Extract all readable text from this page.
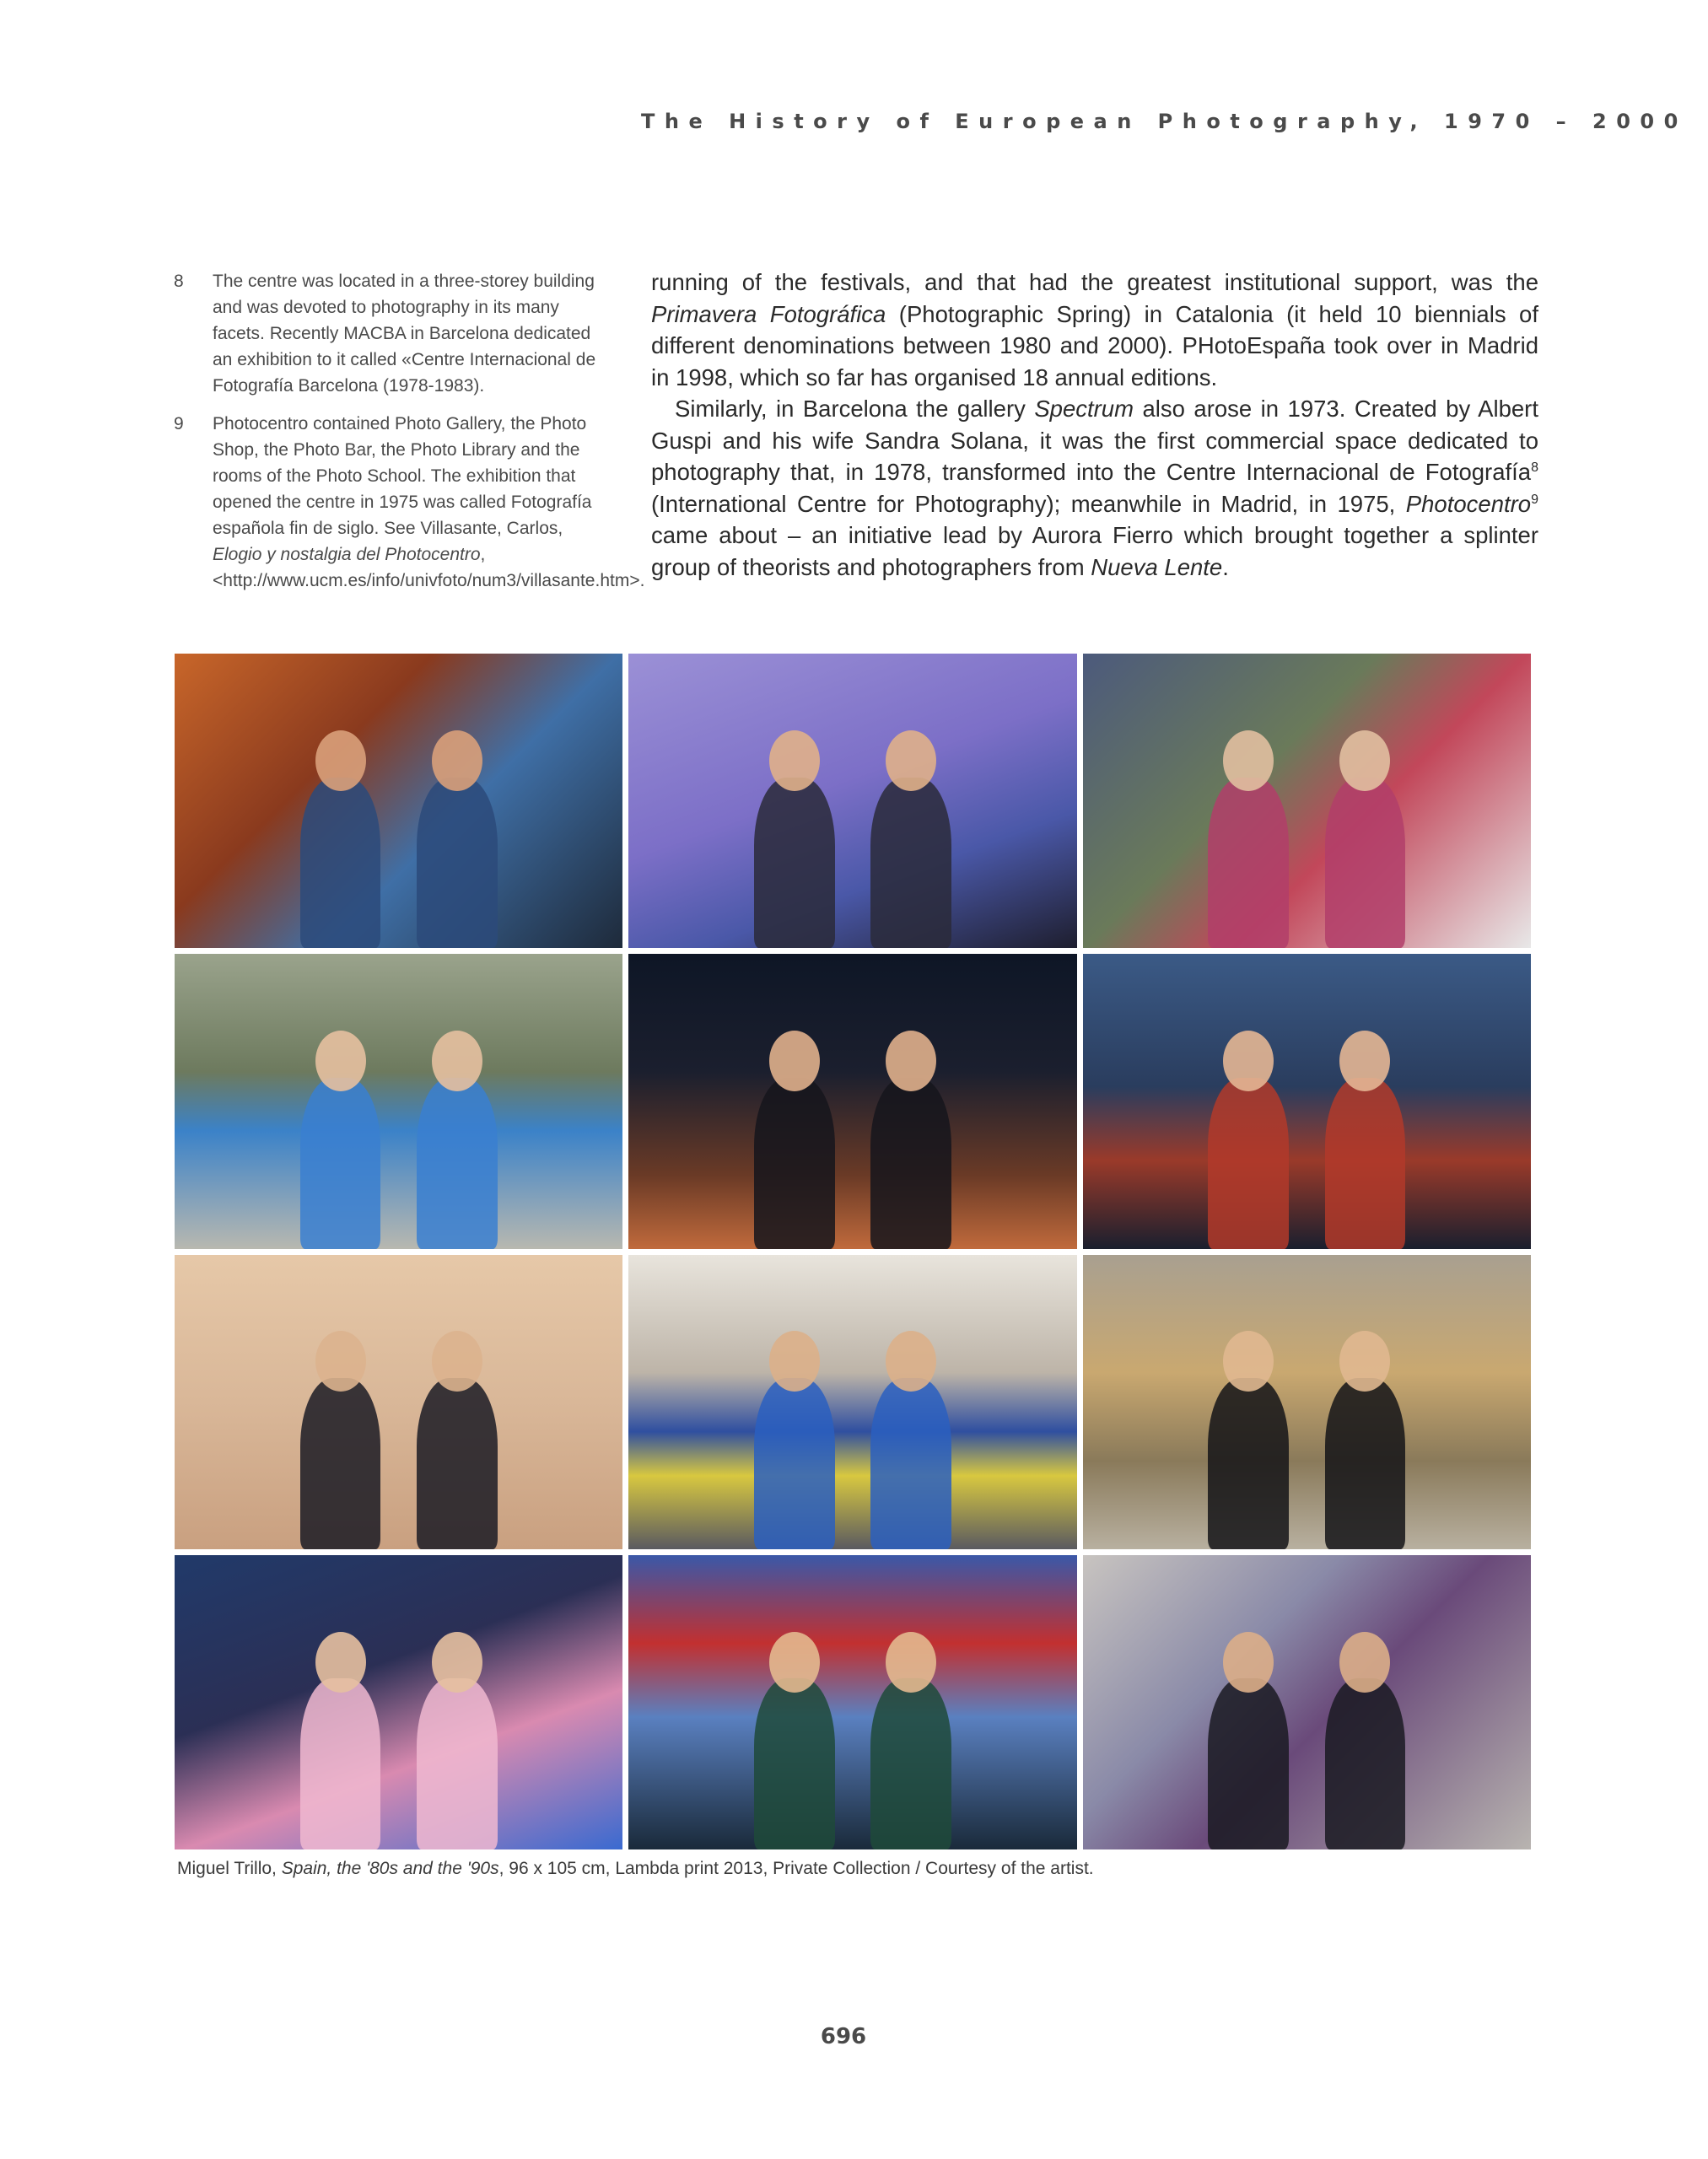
The History of European Photography, 1970 – 2000
8 The centre was located in a three-storey building and was devoted to photography in its many facets. Recently MACBA in Barcelona dedicated an exhibition to it called «Centre Internacional de Fotografía Barcelona (1978-1983).
9 Photocentro contained Photo Gallery, the Photo Shop, the Photo Bar, the Photo Library and the rooms of the Photo School. The exhibition that opened the centre in 1975 was called Fotografía española fin de siglo. See Villasante, Carlos, Elogio y nostalgia del Photocentro, <http://www.ucm.es/info/univfoto/num3/villasante.htm>.

running of the festivals, and that had the greatest institutional support, was the Primavera Fotográfica (Photographic Spring) in Catalonia (it held 10 biennials of different denominations between 1980 and 2000). PHotoEspaña took over in Madrid in 1998, which so far has organised 18 annual editions.

Similarly, in Barcelona the gallery Spectrum also arose in 1973. Created by Albert Guspi and his wife Sandra Solana, it was the first commercial space dedicated to photography that, in 1978, transformed into the Centre Internacional de Fotografía$^8$ (International Centre for Photography); meanwhile in Madrid, in 1975, Photocentro$^9$ came about – an initiative lead by Aurora Fierro which brought together a splinter group of theorists and photographers from Nueva Lente.

Miguel Trillo, Spain, the '80s and the '90s, 96 x 105 cm, Lambda print 2013, Private Collection / Courtesy of the artist.
696
